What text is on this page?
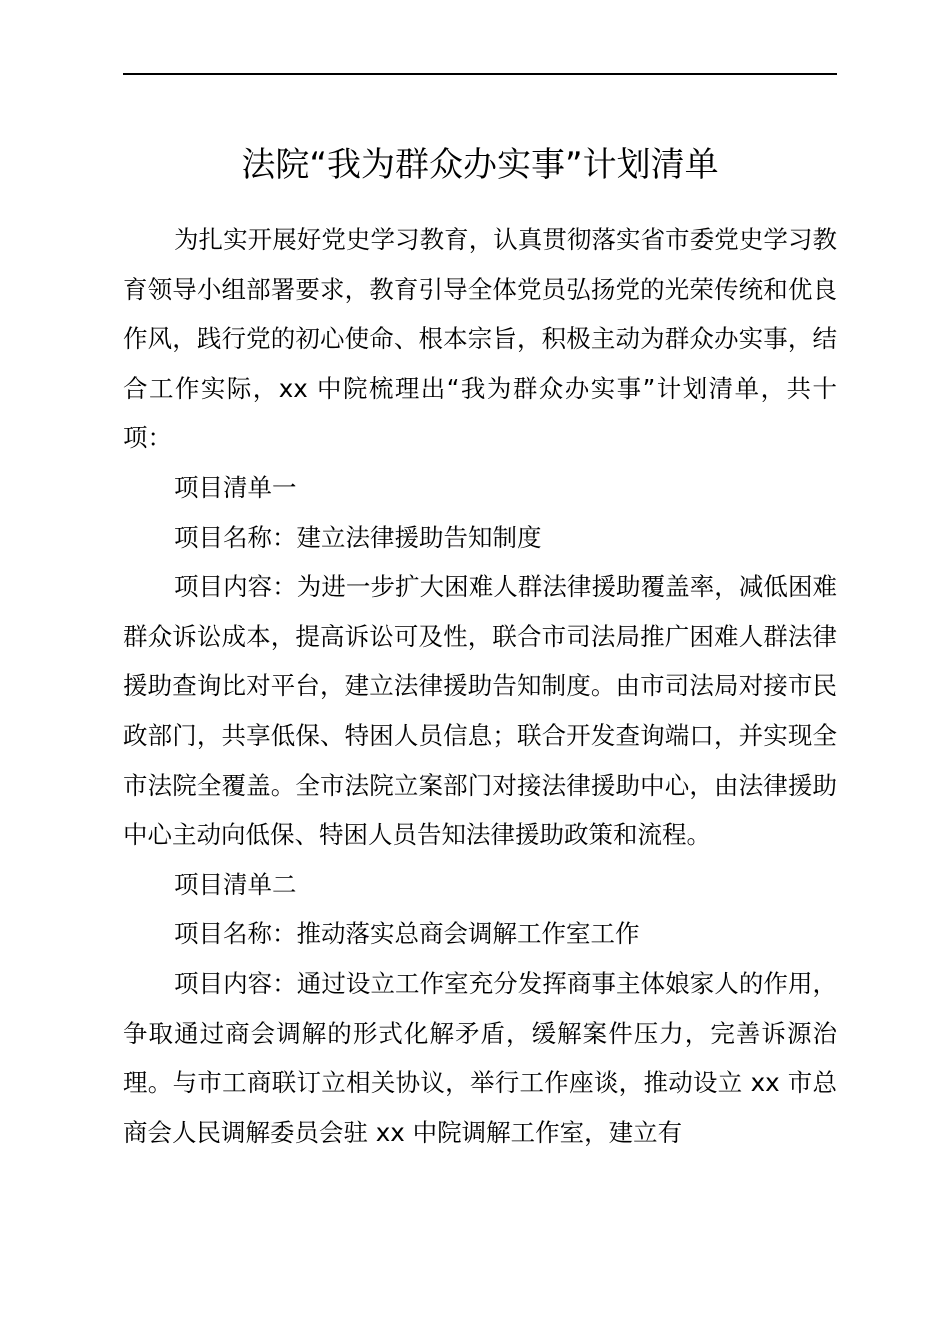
法院“我为群众办实事”计划清单

为扎实开展好党史学习教育，认真贯彻落实省市委党史学习教育领导小组部署要求，教育引导全体党员弘扬党的光荣传统和优良作风，践行党的初心使命、根本宗旨，积极主动为群众办实事，结合工作实际，xx 中院梳理出“我为群众办实事”计划清单，共十项：

项目清单一

项目名称：建立法律援助告知制度

项目内容：为进一步扩大困难人群法律援助覆盖率，减低困难群众诉讼成本，提高诉讼可及性，联合市司法局推广困难人群法律援助查询比对平台，建立法律援助告知制度。由市司法局对接市民政部门，共享低保、特困人员信息；联合开发查询端口，并实现全市法院全覆盖。全市法院立案部门对接法律援助中心，由法律援助中心主动向低保、特困人员告知法律援助政策和流程。

项目清单二

项目名称：推动落实总商会调解工作室工作

项目内容：通过设立工作室充分发挥商事主体娘家人的作用，争取通过商会调解的形式化解矛盾，缓解案件压力，完善诉源治理。与市工商联订立相关协议，举行工作座谈，推动设立 xx 市总商会人民调解委员会驻 xx 中院调解工作室，建立有
